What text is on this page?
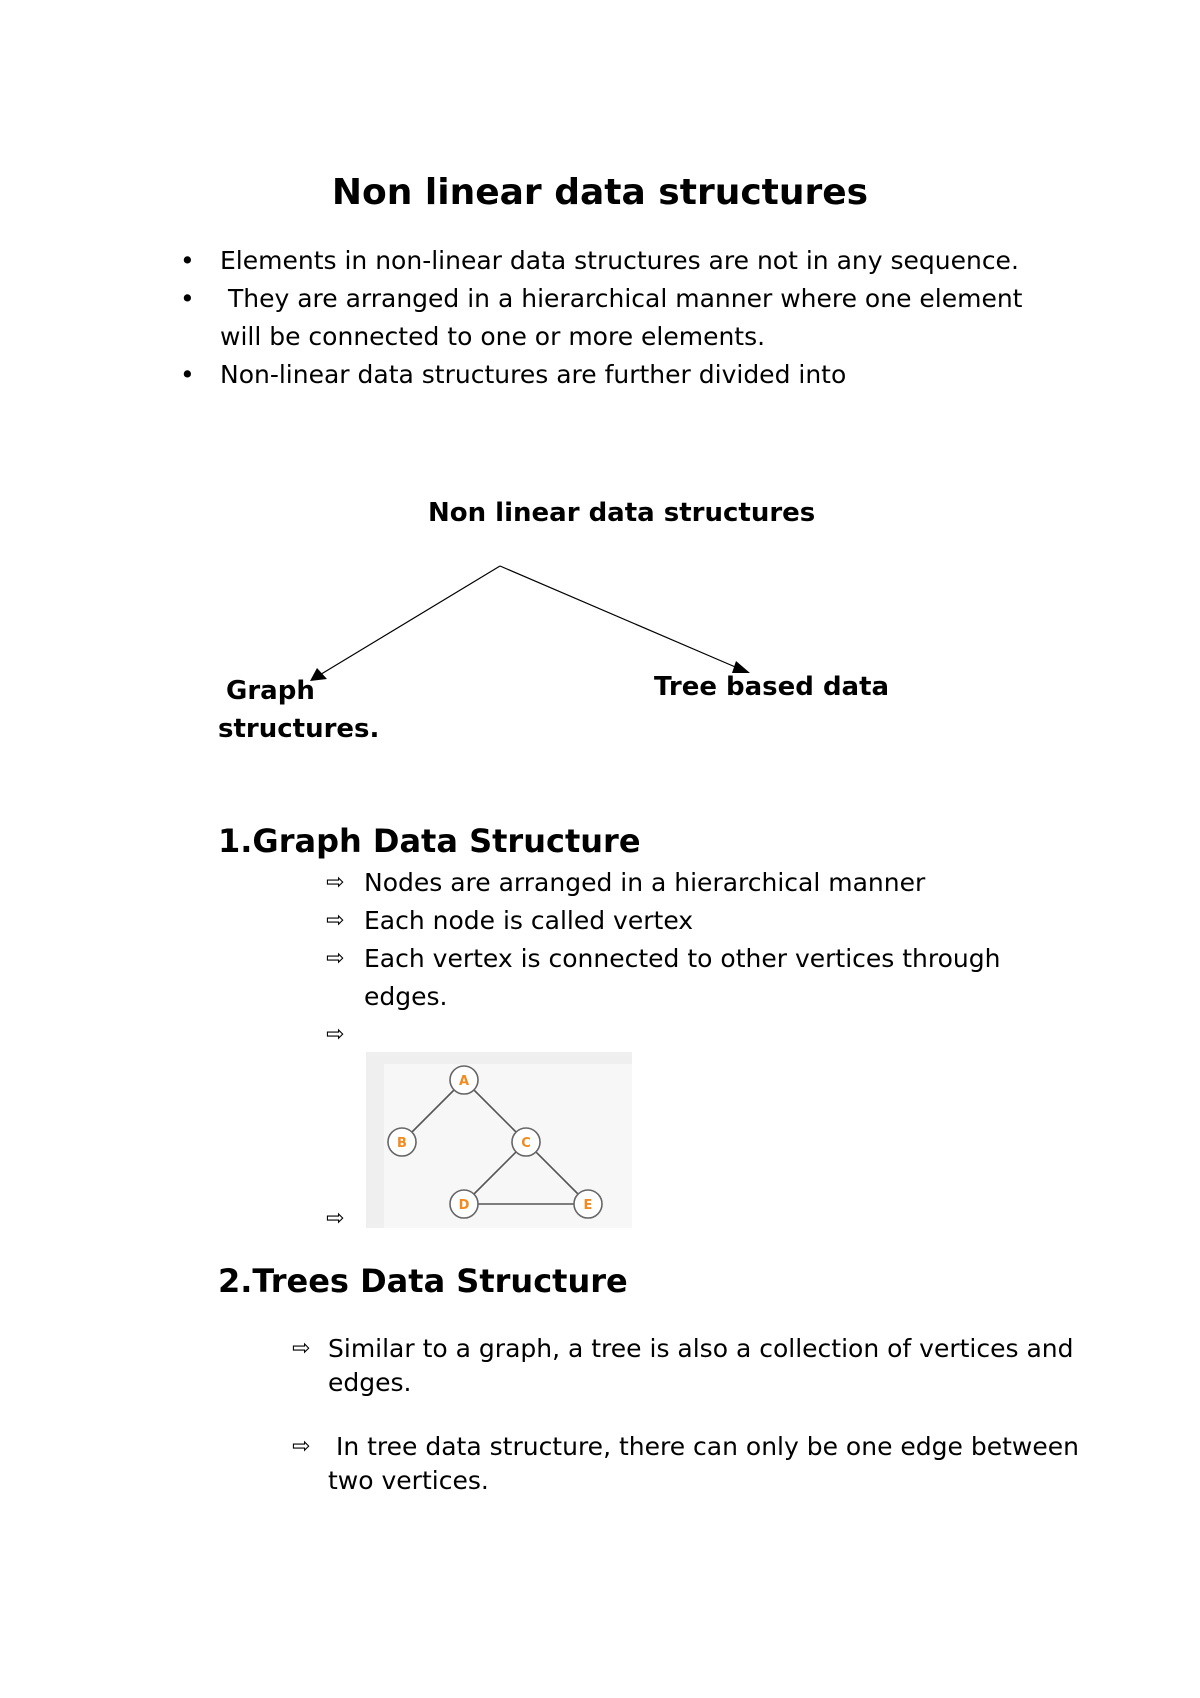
Non linear data structures
• Elements in non-linear data structures are not in any sequence.
• They are arranged in a hierarchical manner where one element will be connected to one or more elements.
• Non-linear data structures are further divided into
Non linear data structures
Graph
structures.
Tree based data
1.Graph Data Structure
⇨ Nodes are arranged in a hierarchical manner
⇨ Each node is called vertex
⇨ Each vertex is connected to other vertices through edges.
⇨
A
B	C
D	E
⇨
2.Trees Data Structure
⇨ Similar to a graph, a tree is also a collection of vertices and edges.
⇨ In tree data structure, there can only be one edge between two vertices.
